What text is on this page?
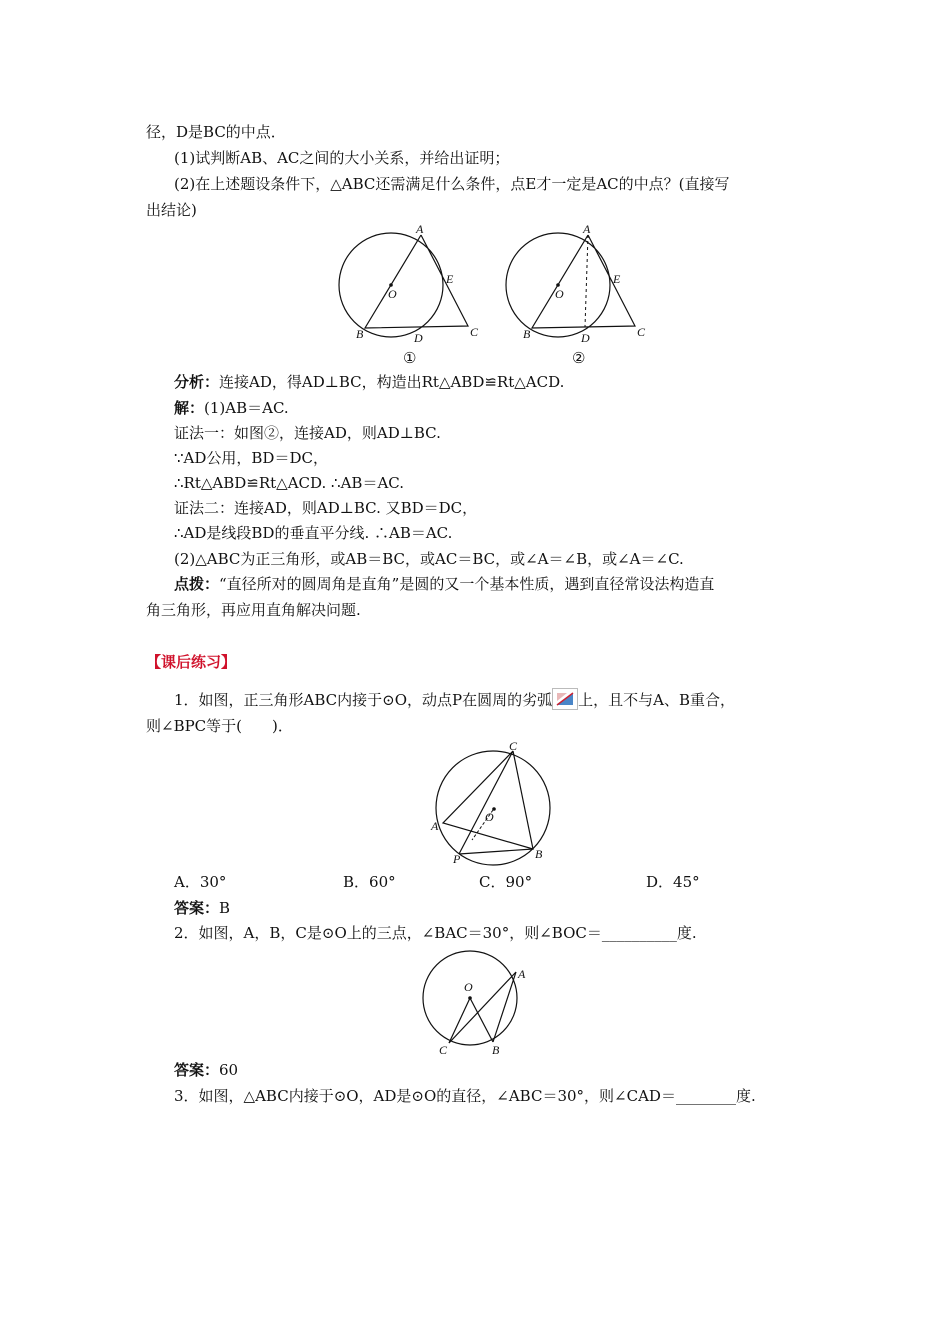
径，D是BC的中点．
(1)试判断AB、AC之间的大小关系，并给出证明；
(2)在上述题设条件下，△ABC还需满足什么条件，点E才一定是AC的中点？(直接写
出结论)
A
B	C
D
E
O
①
A
B	C
D
E
O
②
分析：连接AD，得AD⊥BC，构造出Rt△ABD≌Rt△ACD.
解：(1)AB＝AC.
证法一：如图②，连接AD，则AD⊥BC.
∵AD公用，BD＝DC，
∴Rt△ABD≌Rt△ACD. ∴AB＝AC.
证法二：连接AD，则AD⊥BC. 又BD＝DC，
∴AD是线段BD的垂直平分线. ∴AB＝AC.
(2)△ABC为正三角形，或AB＝BC，或AC＝BC，或∠A＝∠B，或∠A＝∠C.
点拨：“直径所对的圆周角是直角”是圆的又一个基本性质，遇到直径常设法构造直
角三角形，再应用直角解决问题.
【课后练习】
1．如图，正三角形ABC内接于⊙O，动点P在圆周的劣弧 上，且不与A、B重合，
则∠BPC等于(　　)．
C
A
B
P
O
A．30°	B．60°	C．90°	D．45°
答案：B
2．如图，A，B，C是⊙O上的三点，∠BAC＝30°，则∠BOC＝__________度.
O
A
C	B
答案：60
3．如图，△ABC内接于⊙O，AD是⊙O的直径，∠ABC＝30°，则∠CAD＝________度.
